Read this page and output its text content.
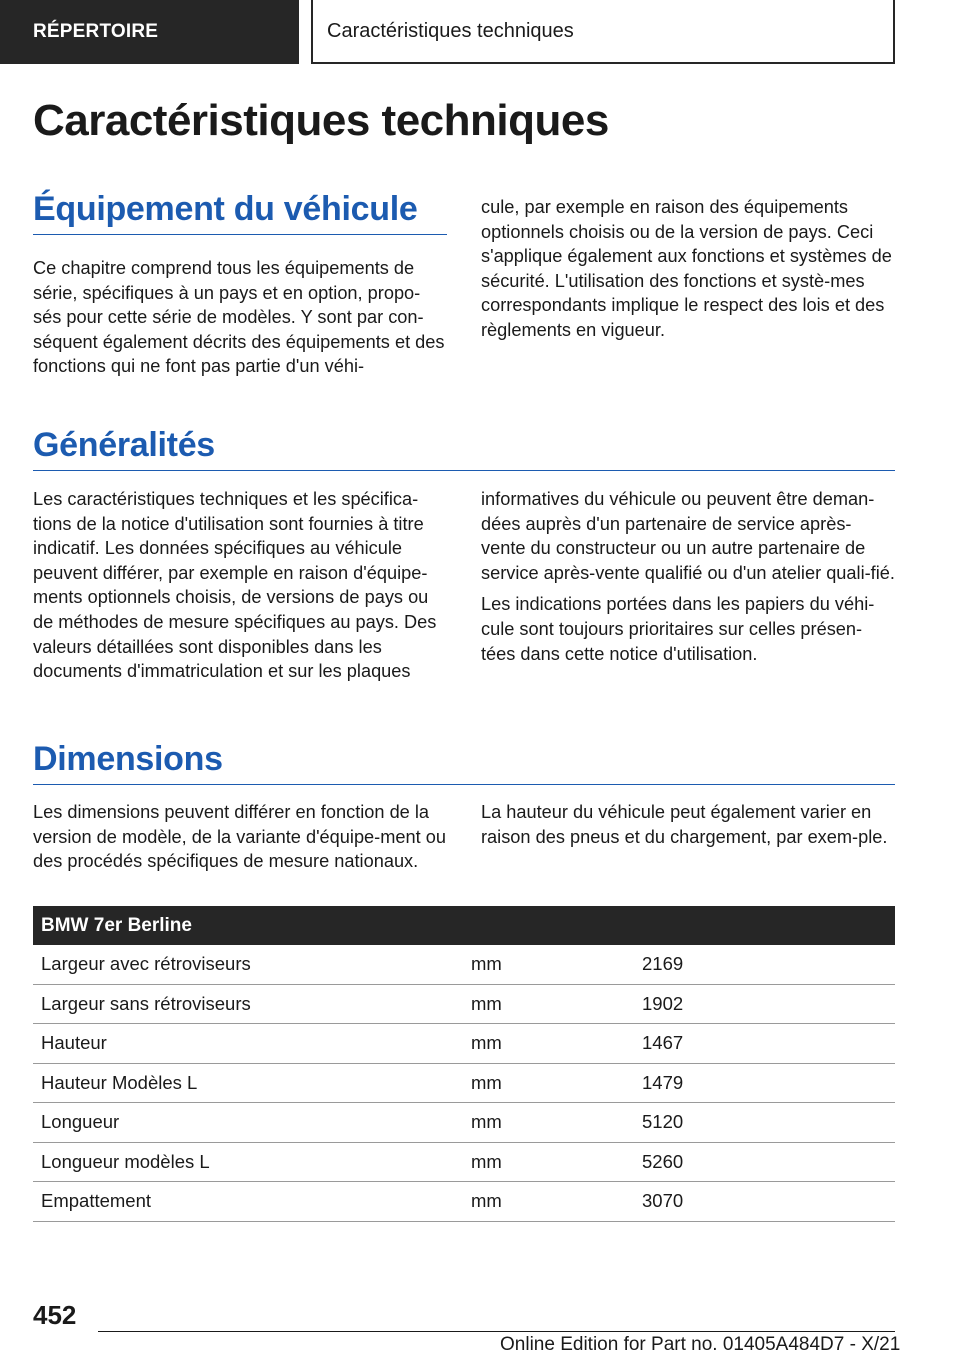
RÉPERTOIRE	Caractéristiques techniques
Caractéristiques techniques
Équipement du véhicule

Ce chapitre comprend tous les équipements de série, spécifiques à un pays et en option, propo-sés pour cette série de modèles. Y sont par con-séquent également décrits des équipements et des fonctions qui ne font pas partie d'un véhi-

cule, par exemple en raison des équipements optionnels choisis ou de la version de pays. Ceci s'applique également aux fonctions et systèmes de sécurité. L'utilisation des fonctions et systè-mes correspondants implique le respect des lois et des règlements en vigueur.

Généralités

Les caractéristiques techniques et les spécifica-tions de la notice d'utilisation sont fournies à titre indicatif. Les données spécifiques au véhicule peuvent différer, par exemple en raison d'équipe-ments optionnels choisis, de versions de pays ou de méthodes de mesure spécifiques au pays. Des valeurs détaillées sont disponibles dans les documents d'immatriculation et sur les plaques

informatives du véhicule ou peuvent être deman-dées auprès d'un partenaire de service après-vente du constructeur ou un autre partenaire de service après-vente qualifié ou d'un atelier quali-fié.

Les indications portées dans les papiers du véhi-cule sont toujours prioritaires sur celles présen-tées dans cette notice d'utilisation.

Dimensions

Les dimensions peuvent différer en fonction de la version de modèle, de la variante d'équipe-ment ou des procédés spécifiques de mesure nationaux.

La hauteur du véhicule peut également varier en raison des pneus et du chargement, par exem-ple.

BMW 7er Berline		
Largeur avec rétroviseurs	mm	2169
Largeur sans rétroviseurs	mm	1902
Hauteur	mm	1467
Hauteur Modèles L	mm	1479
Longueur	mm	5120
Longueur modèles L	mm	5260
Empattement	mm	3070
452
Online Edition for Part no. 01405A484D7 - X/21
